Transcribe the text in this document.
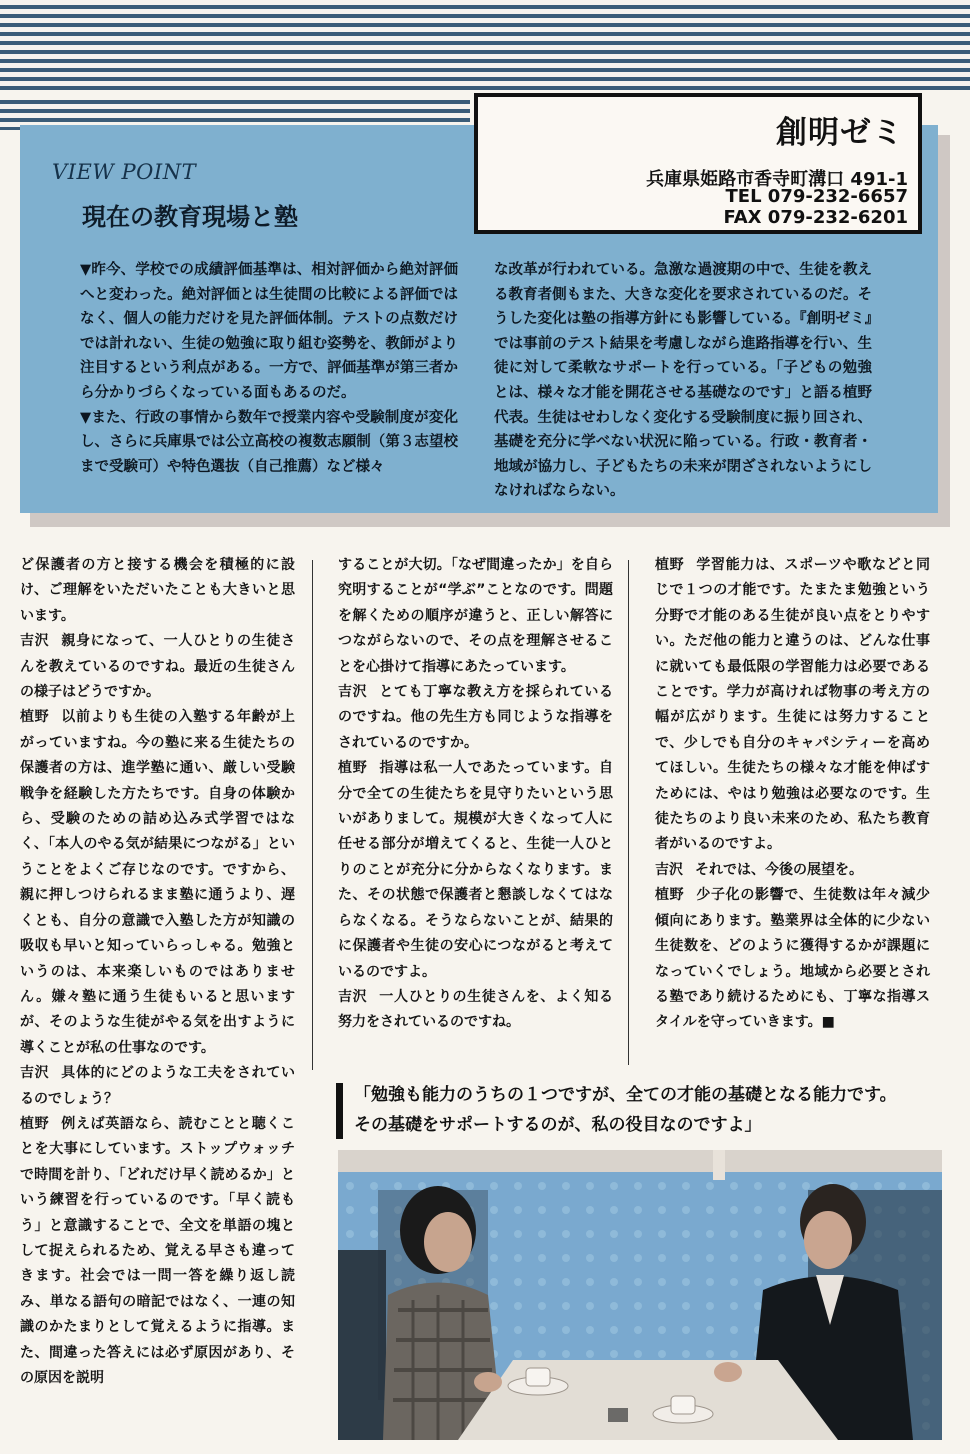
VIEW POINT
現在の教育現場と塾
創明ゼミ
兵庫県姫路市香寺町溝口 491-1
TEL 079-232-6657
FAX 079-232-6201

▼昨今、学校での成績評価基準は、相対評価から絶対評価へと変わった。絶対評価とは生徒間の比較による評価ではなく、個人の能力だけを見た評価体制。テストの点数だけでは計れない、生徒の勉強に取り組む姿勢を、教師がより注目するという利点がある。一方で、評価基準が第三者から分かりづらくなっている面もあるのだ。

▼また、行政の事情から数年で授業内容や受験制度が変化し、さらに兵庫県では公立高校の複数志願制（第３志望校まで受験可）や特色選抜（自己推薦）など様々

な改革が行われている。急激な過渡期の中で、生徒を教える教育者側もまた、大きな変化を要求されているのだ。そうした変化は塾の指導方針にも影響している。『創明ゼミ』では事前のテスト結果を考慮しながら進路指導を行い、生徒に対して柔軟なサポートを行っている。「子どもの勉強とは、様々な才能を開花させる基礎なのです」と語る植野代表。生徒はせわしなく変化する受験制度に振り回され、基礎を充分に学べない状況に陥っている。行政・教育者・地域が協力し、子どもたちの未来が閉ざされないようにしなければならない。

ど保護者の方と接する機会を積極的に設け、ご理解をいただいたことも大きいと思います。

吉沢 親身になって、一人ひとりの生徒さんを教えているのですね。最近の生徒さんの様子はどうですか。

植野 以前よりも生徒の入塾する年齢が上がっていますね。今の塾に来る生徒たちの保護者の方は、進学塾に通い、厳しい受験戦争を経験した方たちです。自身の体験から、受験のための詰め込み式学習ではなく、「本人のやる気が結果につながる」ということをよくご存じなのです。ですから、親に押しつけられるまま塾に通うより、遅くとも、自分の意識で入塾した方が知識の吸収も早いと知っていらっしゃる。勉強というのは、本来楽しいものではありません。嫌々塾に通う生徒もいると思いますが、そのような生徒がやる気を出すように導くことが私の仕事なのです。

吉沢 具体的にどのような工夫をされているのでしょう？

植野 例えば英語なら、読むことと聴くことを大事にしています。ストップウォッチで時間を計り、「どれだけ早く読めるか」という練習を行っているのです。「早く読もう」と意識することで、全文を単語の塊として捉えられるため、覚える早さも違ってきます。社会では一問一答を繰り返し読み、単なる語句の暗記ではなく、一連の知識のかたまりとして覚えるように指導。また、間違った答えには必ず原因があり、その原因を説明

することが大切。「なぜ間違ったか」を自ら究明することが“学ぶ”ことなのです。問題を解くための順序が違うと、正しい解答につながらないので、その点を理解させることを心掛けて指導にあたっています。

吉沢 とても丁寧な教え方を採られているのですね。他の先生方も同じような指導をされているのですか。

植野 指導は私一人であたっています。自分で全ての生徒たちを見守りたいという思いがありまして。規模が大きくなって人に任せる部分が増えてくると、生徒一人ひとりのことが充分に分からなくなります。また、その状態で保護者と懇談しなくてはならなくなる。そうならないことが、結果的に保護者や生徒の安心につながると考えているのですよ。

吉沢 一人ひとりの生徒さんを、よく知る努力をされているのですね。

植野 学習能力は、スポーツや歌などと同じで１つの才能です。たまたま勉強という分野で才能のある生徒が良い点をとりやすい。ただ他の能力と違うのは、どんな仕事に就いても最低限の学習能力は必要であることです。学力が高ければ物事の考え方の幅が広がります。生徒には努力することで、少しでも自分のキャパシティーを高めてほしい。生徒たちの様々な才能を伸ばすためには、やはり勉強は必要なのです。生徒たちのより良い未来のため、私たち教育者がいるのですよ。

吉沢 それでは、今後の展望を。

植野 少子化の影響で、生徒数は年々減少傾向にあります。塾業界は全体的に少ない生徒数を、どのように獲得するかが課題になっていくでしょう。地域から必要とされる塾であり続けるためにも、丁寧な指導スタイルを守っていきます。■

「勉強も能力のうちの１つですが、全ての才能の基礎となる能力です。

その基礎をサポートするのが、私の役目なのですよ」
